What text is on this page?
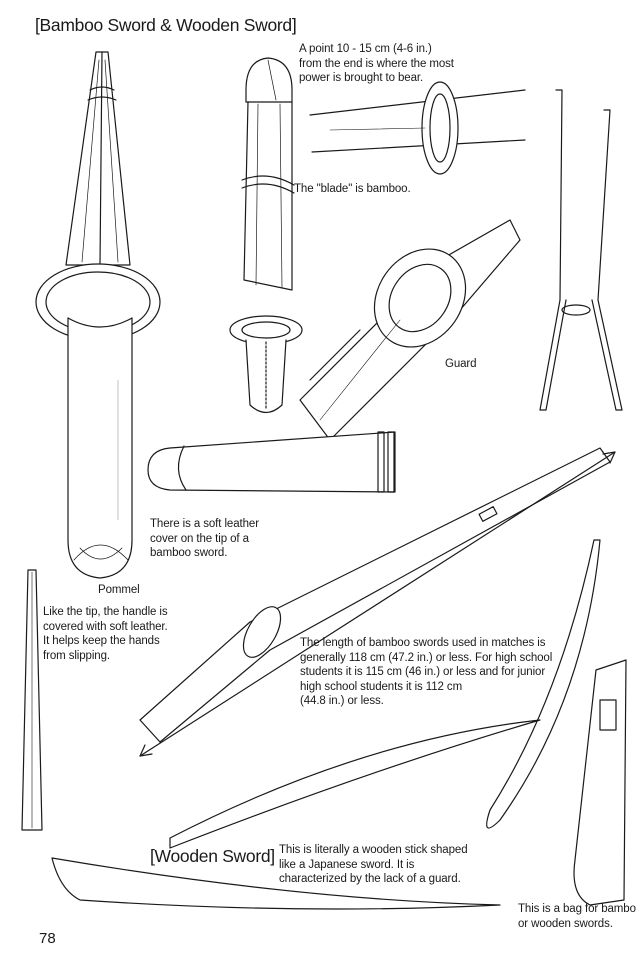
[Bamboo Sword & Wooden Sword]
A point 10 - 15 cm (4-6 in.)
from the end is where the most
power is brought to bear.
The "blade" is bamboo.
Guard
There is a soft leather
cover on the tip of a
bamboo sword.
Pommel
Like the tip, the handle is
covered with soft leather.
It helps keep the hands
from slipping.
The length of bamboo swords used in matches is
generally 118 cm (47.2 in.) or less. For high school
students it is 115 cm (46 in.) or less and for junior
high school students it is 112 cm
(44.8 in.) or less.
[Wooden Sword] This is literally a wooden stick shaped
like a Japanese sword. It is
characterized by the lack of a guard.
This is a bag for bambo
or wooden swords.
78
